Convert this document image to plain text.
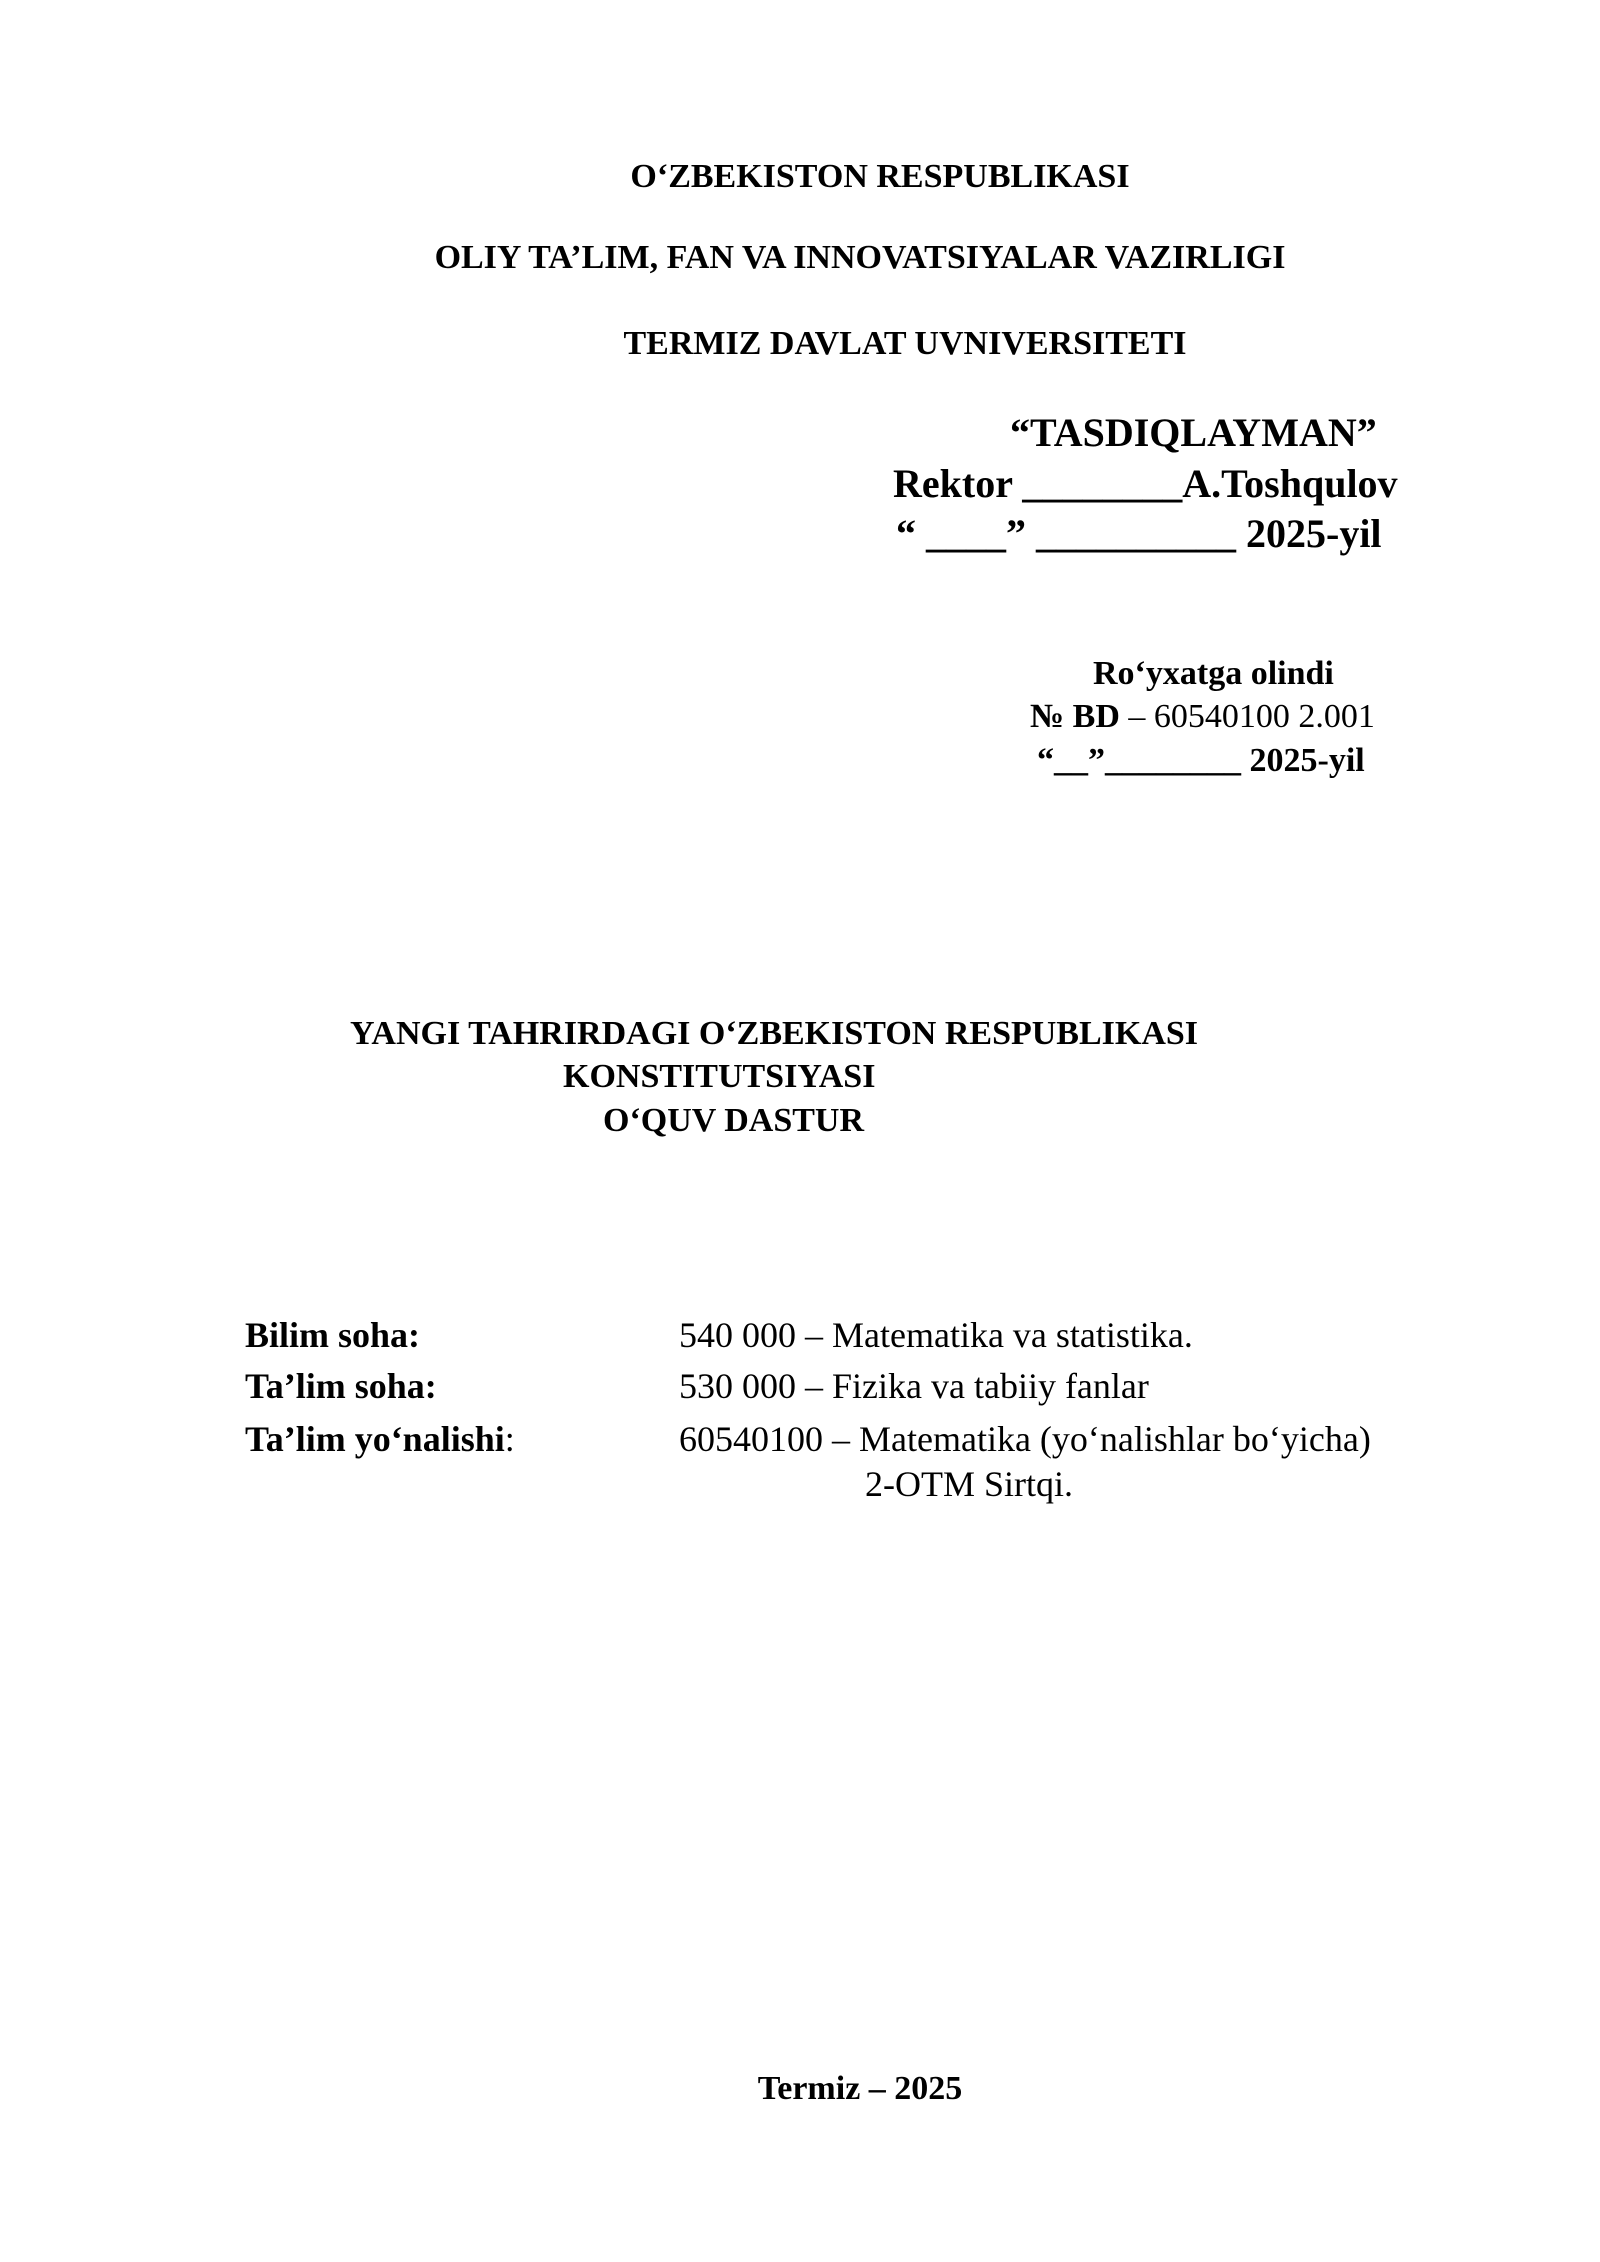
O‘ZBEKISTON RESPUBLIKASI
OLIY TA’LIM, FAN VA INNOVATSIYALAR VAZIRLIGI
TERMIZ DAVLAT UVNIVERSITETI
“TASDIQLAYMAN”
Rektor ________A.Toshqulov
“ ____” __________ 2025-yil
Ro‘yxatga olindi
№ BD – 60540100 2.001
“__”________ 2025-yil
YANGI TAHRIRDAGI O‘ZBEKISTON RESPUBLIKASI
KONSTITUTSIYASI
O‘QUV DASTUR
Bilim soha:	540 000 – Matematika va statistika.
Ta’lim soha:	530 000 – Fizika va tabiiy fanlar
Ta’lim yo‘nalishi:	60540100 – Matematika (yo‘nalishlar bo‘yicha)
2-OTM Sirtqi.
Termiz – 2025
